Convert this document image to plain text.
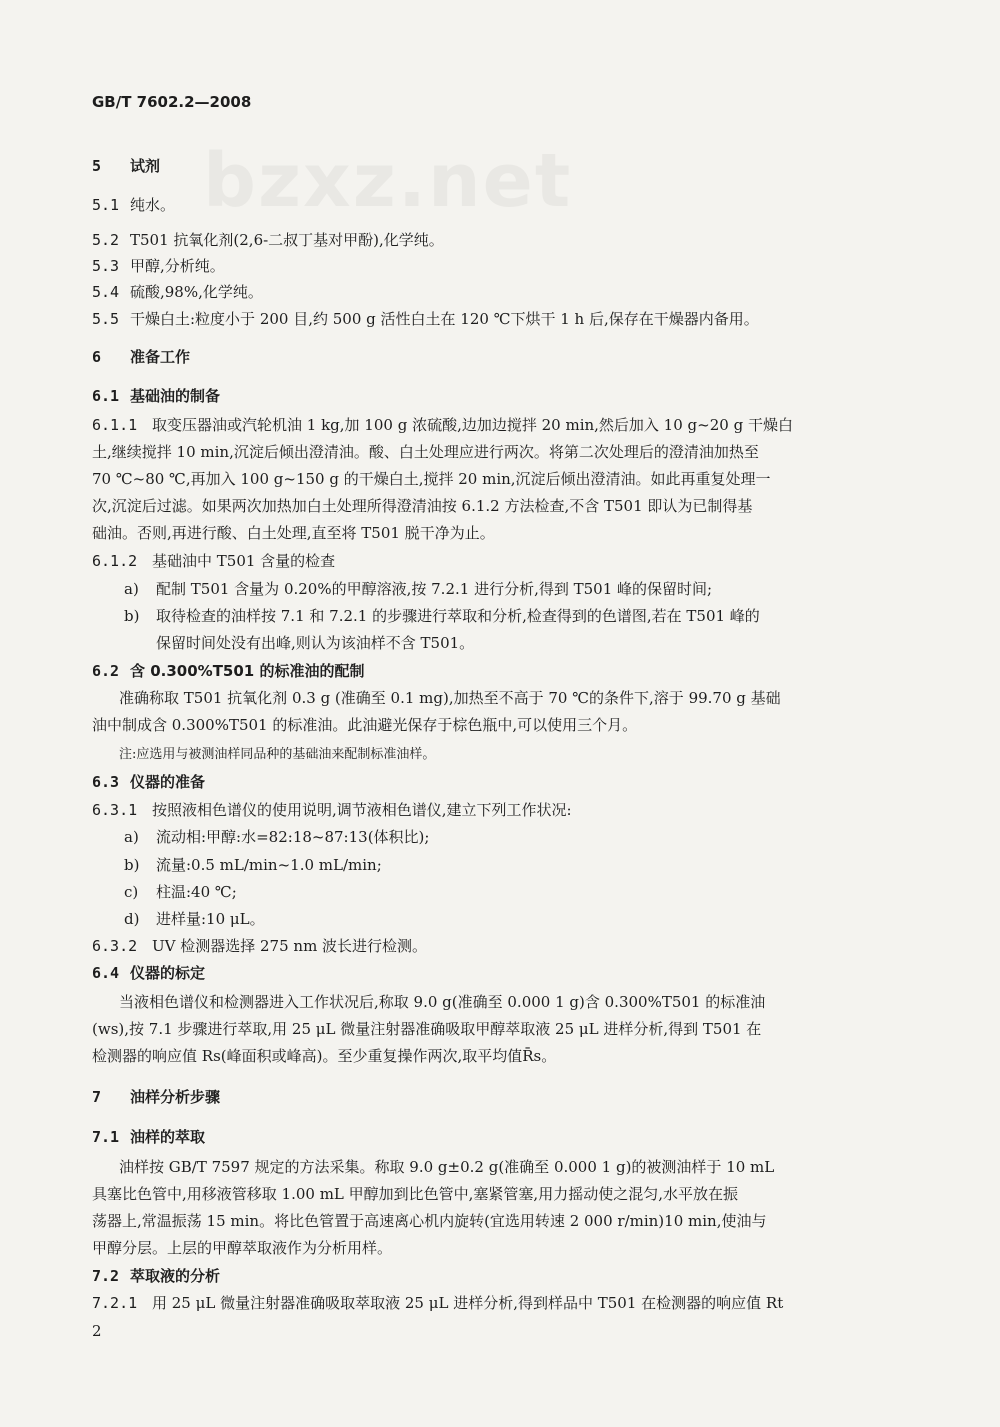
bzxz.net
GB/T 7602.2—2008
5 试剂
5.1 纯水。
5.2 T501 抗氧化剂(2,6-二叔丁基对甲酚),化学纯。
5.3 甲醇,分析纯。
5.4 硫酸,98%,化学纯。
5.5 干燥白土:粒度小于 200 目,约 500 g 活性白土在 120 ℃下烘干 1 h 后,保存在干燥器内备用。
6 准备工作
6.1 基础油的制备
6.1.1 取变压器油或汽轮机油 1 kg,加 100 g 浓硫酸,边加边搅拌 20 min,然后加入 10 g~20 g 干燥白
土,继续搅拌 10 min,沉淀后倾出澄清油。酸、白土处理应进行两次。将第二次处理后的澄清油加热至
70 ℃~80 ℃,再加入 100 g~150 g 的干燥白土,搅拌 20 min,沉淀后倾出澄清油。如此再重复处理一
次,沉淀后过滤。如果两次加热加白土处理所得澄清油按 6.1.2 方法检查,不含 T501 即认为已制得基
础油。否则,再进行酸、白土处理,直至将 T501 脱干净为止。
6.1.2 基础油中 T501 含量的检查
a) 配制 T501 含量为 0.20%的甲醇溶液,按 7.2.1 进行分析,得到 T501 峰的保留时间;
b) 取待检查的油样按 7.1 和 7.2.1 的步骤进行萃取和分析,检查得到的色谱图,若在 T501 峰的
保留时间处没有出峰,则认为该油样不含 T501。
6.2 含 0.300%T501 的标准油的配制
准确称取 T501 抗氧化剂 0.3 g (准确至 0.1 mg),加热至不高于 70 ℃的条件下,溶于 99.70 g 基础
油中制成含 0.300%T501 的标准油。此油避光保存于棕色瓶中,可以使用三个月。
注:应选用与被测油样同品种的基础油来配制标准油样。
6.3 仪器的准备
6.3.1 按照液相色谱仪的使用说明,调节液相色谱仪,建立下列工作状况:
a) 流动相:甲醇:水=82:18~87:13(体积比);
b) 流量:0.5 mL/min~1.0 mL/min;
c) 柱温:40 ℃;
d) 进样量:10 μL。
6.3.2 UV 检测器选择 275 nm 波长进行检测。
6.4 仪器的标定
当液相色谱仪和检测器进入工作状况后,称取 9.0 g(准确至 0.000 1 g)含 0.300%T501 的标准油
(ws),按 7.1 步骤进行萃取,用 25 μL 微量注射器准确吸取甲醇萃取液 25 μL 进样分析,得到 T501 在
检测器的响应值 Rs(峰面积或峰高)。至少重复操作两次,取平均值R̄s。
7 油样分析步骤
7.1 油样的萃取
油样按 GB/T 7597 规定的方法采集。称取 9.0 g±0.2 g(准确至 0.000 1 g)的被测油样于 10 mL
具塞比色管中,用移液管移取 1.00 mL 甲醇加到比色管中,塞紧管塞,用力摇动使之混匀,水平放在振
荡器上,常温振荡 15 min。将比色管置于高速离心机内旋转(宜选用转速 2 000 r/min)10 min,使油与
甲醇分层。上层的甲醇萃取液作为分析用样。
7.2 萃取液的分析
7.2.1 用 25 μL 微量注射器准确吸取萃取液 25 μL 进样分析,得到样品中 T501 在检测器的响应值 Rt
2
